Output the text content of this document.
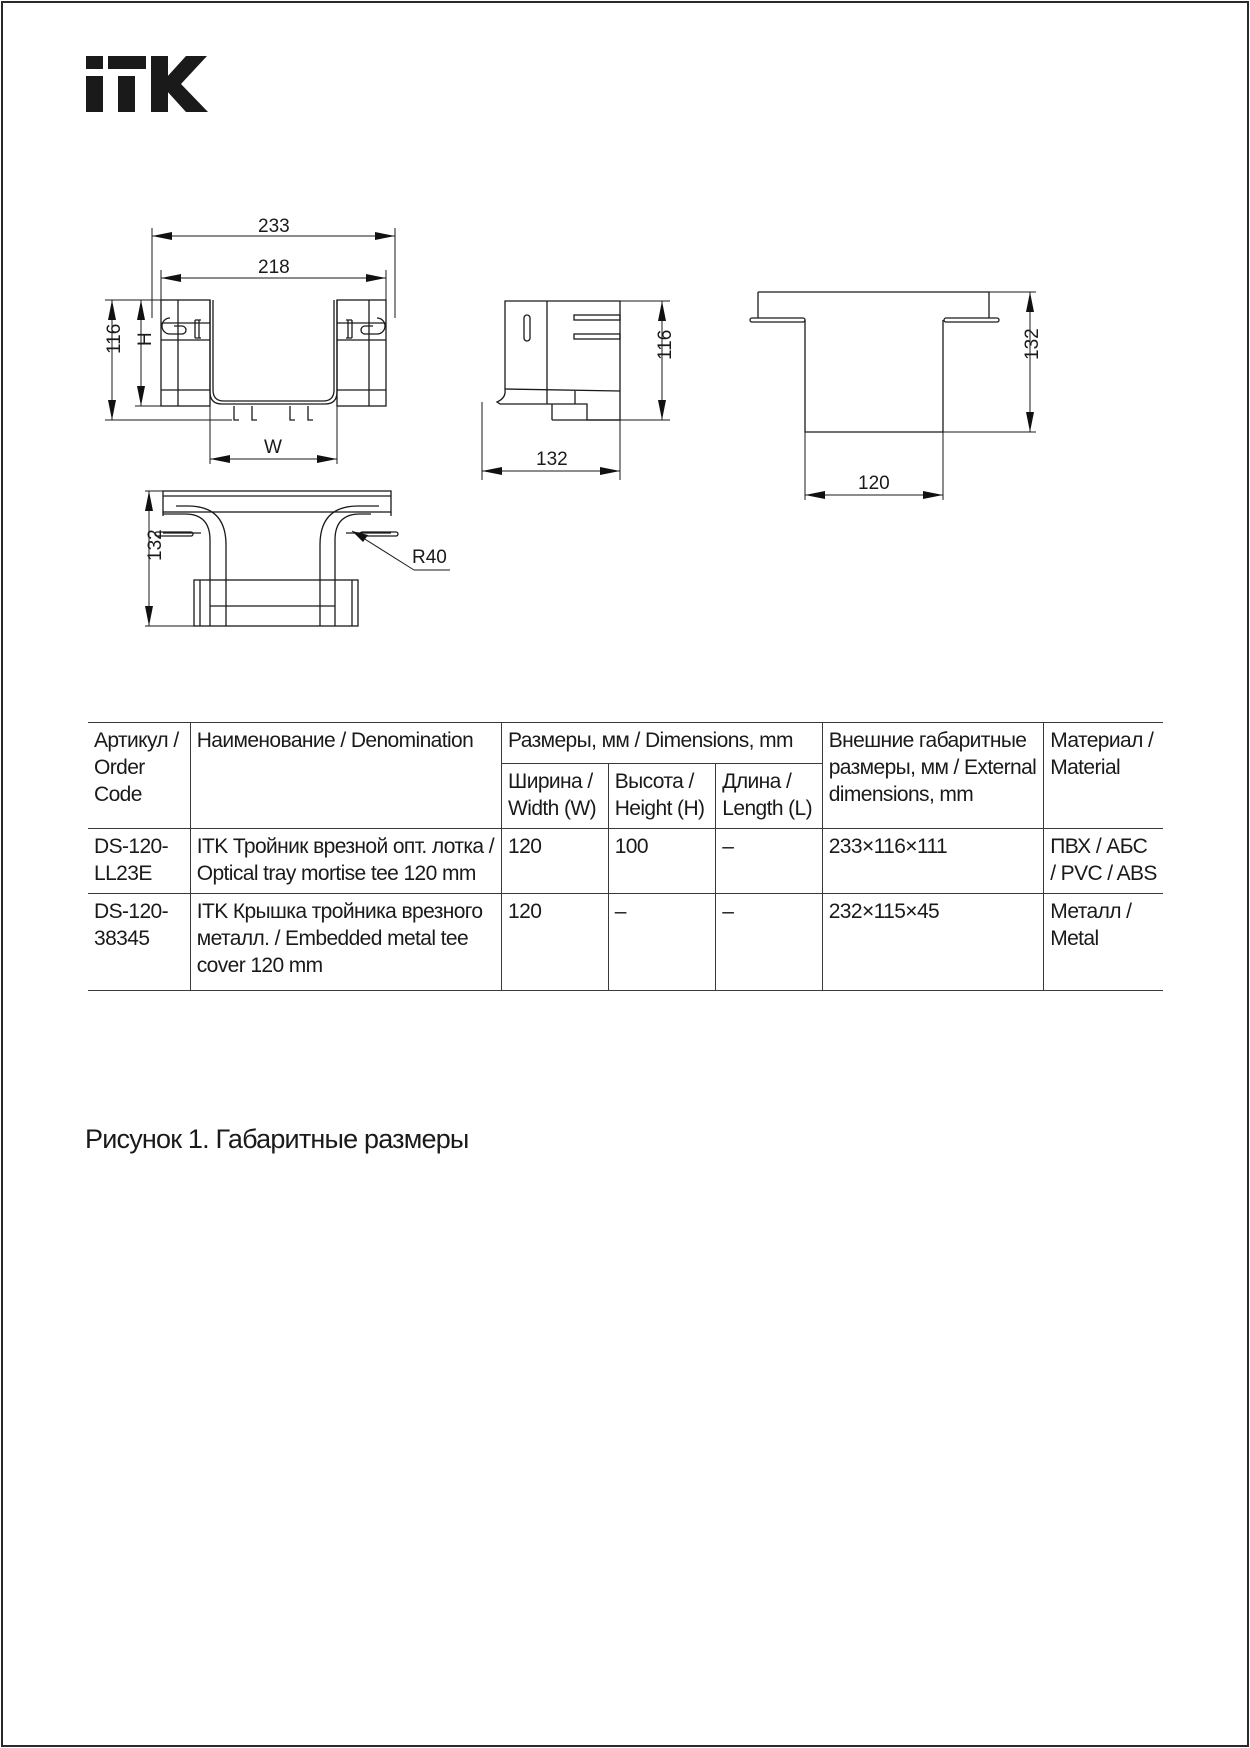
233
218
H
116
W
116
132
132
120
R40
132
Артикул / Order Code	Наименование / Denomination	Размеры, мм / Dimensions, mm			Внешние габаритные размеры, мм / External dimensions, mm	Материал / Material
		Ширина / Width (W)	Высота / Height (H)	Длина / Length (L)		
DS-120-LL23E	ITK Тройник врезной опт. лотка / Optical tray mortise tee 120 mm	120	100	–	233×116×111	ПВХ / АБС / PVC / ABS
DS-120-38345	ITK Крышка тройника врезного металл. / Embedded metal tee cover 120 mm	120	–	–	232×115×45	Металл / Metal
Рисунок 1. Габаритные размеры
